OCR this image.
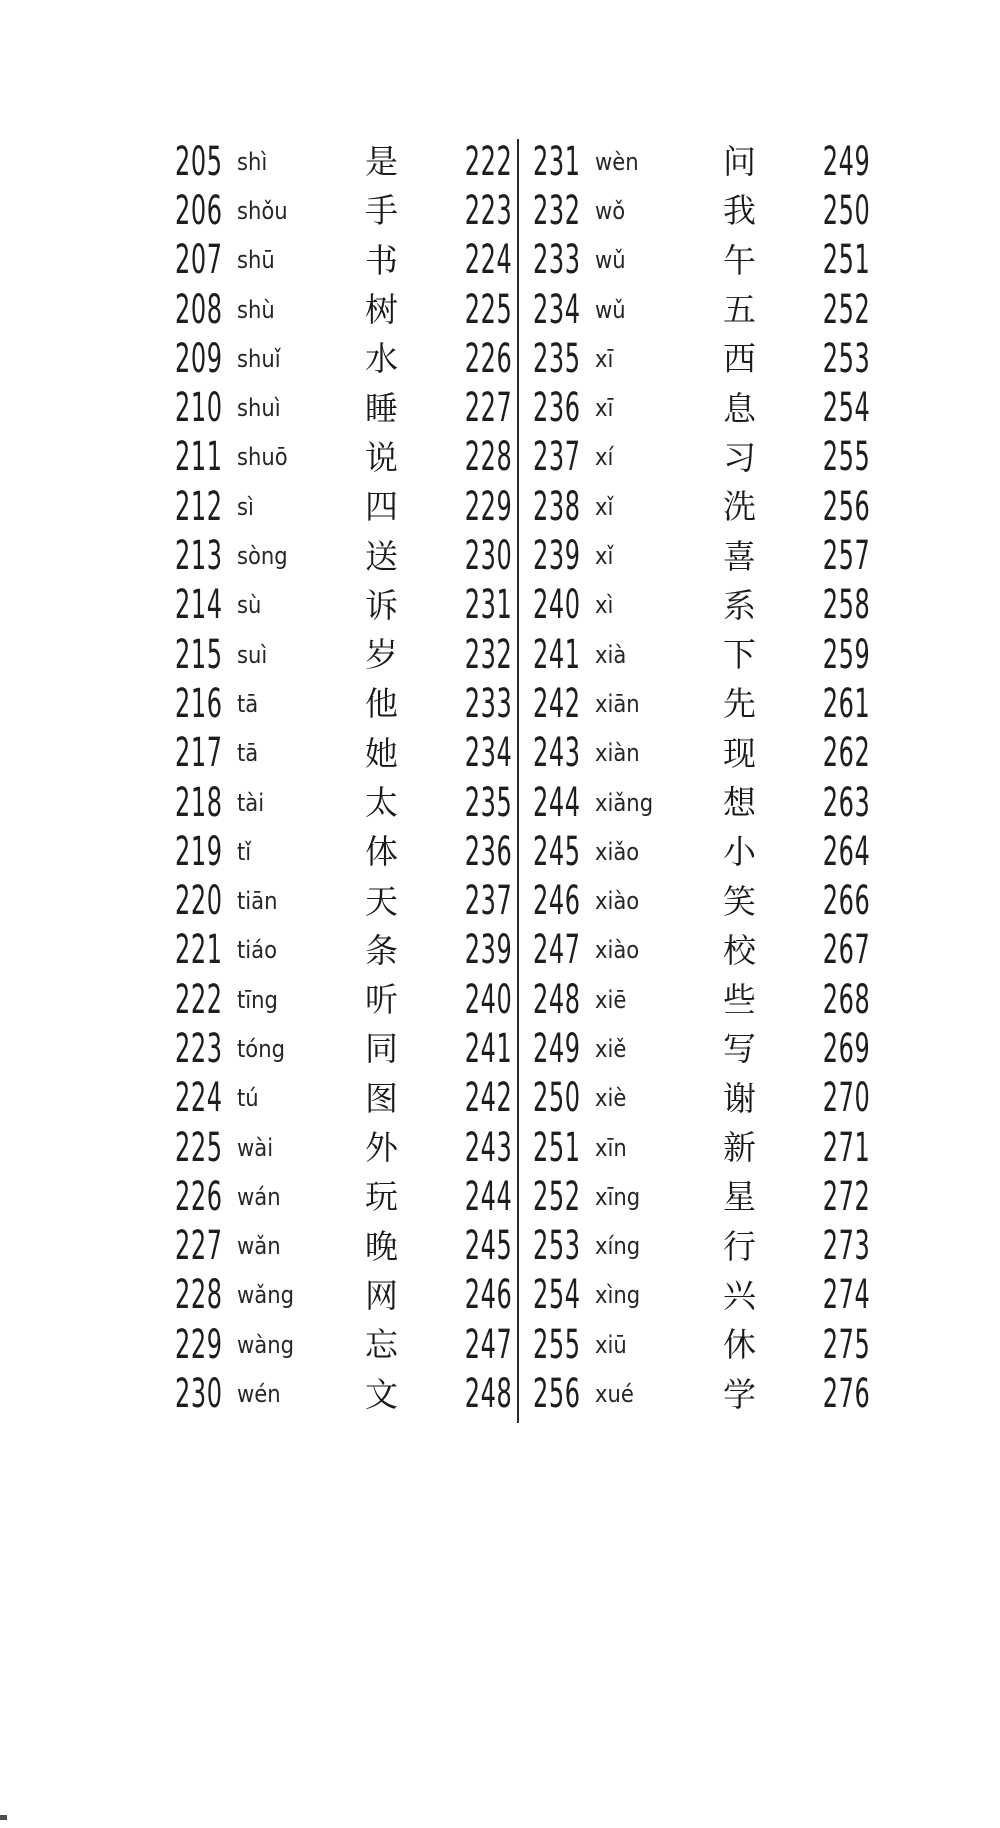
205 shì	是	222
206 shǒu	手	223
207 shū	书	224
208 shù	树	225
209 shuǐ	水	226
210 shuì	睡	227
211 shuō	说	228
212 sì	四	229
213 sòng	送	230
214 sù	诉	231
215 suì	岁	232
216 tā	他	233
217 tā	她	234
218 tài	太	235
219 tǐ	体	236
220 tiān	天	237
221 tiáo	条	239
222 tīng	听	240
223 tóng	同	241
224 tú	图	242
225 wài	外	243
226 wán	玩	244
227 wǎn	晚	245
228 wǎng	网	246
229 wàng	忘	247
230 wén	文	248
231 wèn	问	249
232 wǒ	我	250
233 wǔ	午	251
234 wǔ	五	252
235 xī	西	253
236 xī	息	254
237 xí	习	255
238 xǐ	洗	256
239 xǐ	喜	257
240 xì	系	258
241 xià	下	259
242 xiān	先	261
243 xiàn	现	262
244 xiǎng	想	263
245 xiǎo	小	264
246 xiào	笑	266
247 xiào	校	267
248 xiē	些	268
249 xiě	写	269
250 xiè	谢	270
251 xīn	新	271
252 xīng	星	272
253 xíng	行	273
254 xìng	兴	274
255 xiū	休	275
256 xué	学	276
